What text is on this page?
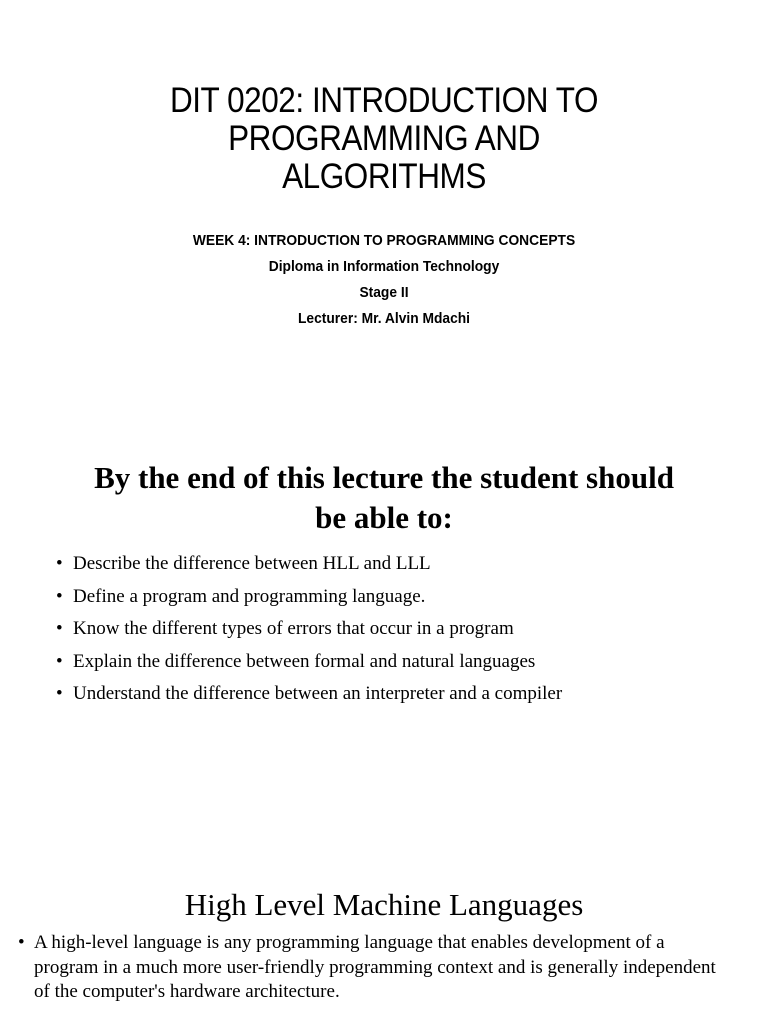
DIT 0202: INTRODUCTION TO
PROGRAMMING AND
ALGORITHMS
WEEK 4: INTRODUCTION TO PROGRAMMING CONCEPTS
Diploma in Information Technology
Stage II
Lecturer: Mr. Alvin Mdachi
By the end of this lecture the student should
be able to:
• Describe the difference between HLL and LLL
• Define a program and programming language.
• Know the different types of errors that occur in a program
• Explain the difference between formal and natural languages
• Understand the difference between an interpreter and a compiler
High Level Machine Languages
• A high-level language is any programming language that enables development of a program in a much more user-friendly programming context and is generally independent of the computer's hardware architecture.
